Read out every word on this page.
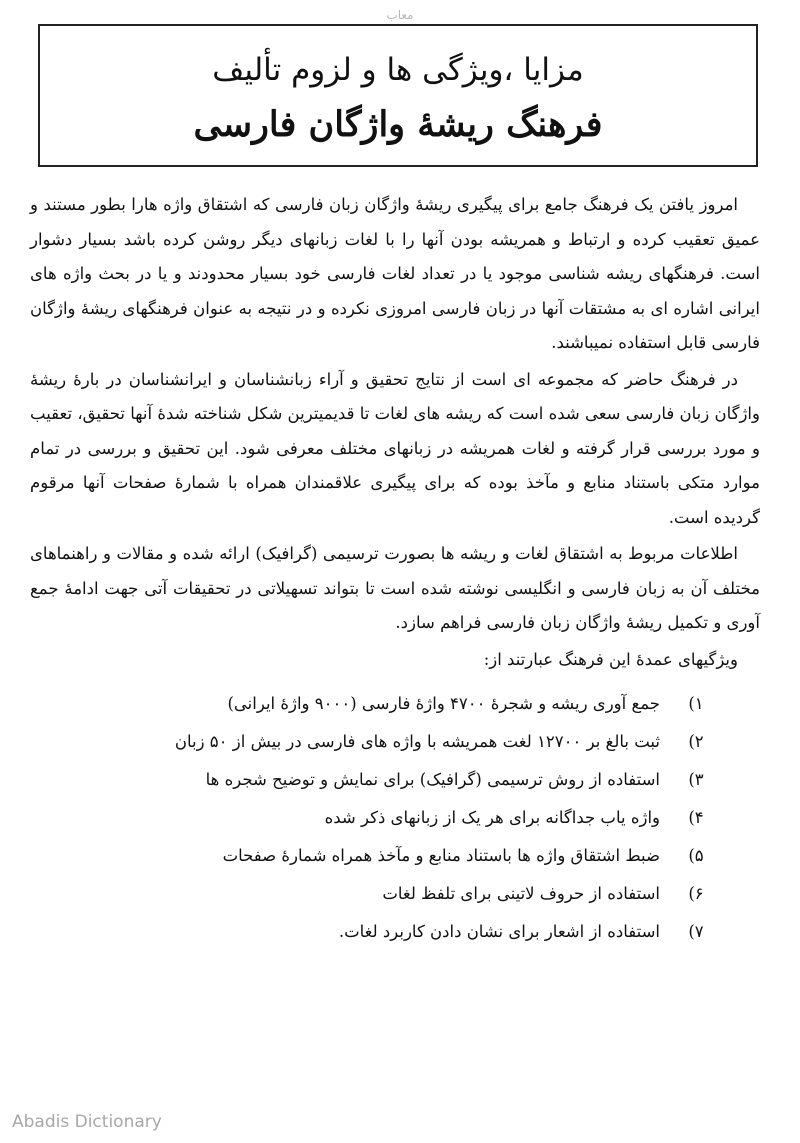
معاب
مزایا ،ویژگی ها و لزوم تألیف
فرهنگ ریشهٔ واژگان فارسی

امروز یافتن یک فرهنگ جامع برای پیگیری ریشهٔ واژگان زبان فارسی که اشتقاق واژه هارا بطور مستند و عمیق تعقیب کرده و ارتباط و همریشه بودن آنها را با لغات زبانهای دیگر روشن کرده باشد بسیار دشوار است. فرهنگهای ریشه شناسی موجود یا در تعداد لغات فارسی خود بسیار محدودند و یا در بحث واژه های ایرانی اشاره ای به مشتقات آنها در زبان فارسی امروزی نکرده و در نتیجه به عنوان فرهنگهای ریشهٔ واژگان فارسی قابل استفاده نمیباشند.

در فرهنگ حاضر که مجموعه ای است از نتایج تحقیق و آراء زبانشناسان و ایرانشناسان در بارهٔ ریشهٔ واژگان زبان فارسی سعی شده است که ریشه های لغات تا قدیمیترین شکل شناخته شدهٔ آنها تحقیق، تعقیب و مورد بررسی قرار گرفته و لغات همریشه در زبانهای مختلف معرفی شود. این تحقیق و بررسی در تمام موارد متکی باستناد منابع و مآخذ بوده که برای پیگیری علاقمندان همراه با شمارهٔ صفحات آنها مرقوم گردیده است.

اطلاعات مربوط به اشتقاق لغات و ریشه ها بصورت ترسیمی (گرافیک) ارائه شده و مقالات و راهنماهای مختلف آن به زبان فارسی و انگلیسی نوشته شده است تا بتواند تسهیلاتی در تحقیقات آتی جهت ادامهٔ جمع آوری و تکمیل ریشهٔ واژگان زبان فارسی فراهم سازد.

ویژگیهای عمدهٔ این فرهنگ عبارتند از:

۱)
جمع آوری ریشه و شجرهٔ ۴۷۰۰ واژهٔ فارسی (۹۰۰۰ واژهٔ ایرانی)
۲)
ثبت بالغ بر ۱۲۷۰۰ لغت همریشه با واژه های فارسی در بیش از ۵۰ زبان
۳)
استفاده از روش ترسیمی (گرافیک) برای نمایش و توضیح شجره ها
۴)
واژه یاب جداگانه برای هر یک از زبانهای ذکر شده
۵)
ضبط اشتقاق واژه ها باستناد منابع و مآخذ همراه شمارهٔ صفحات
۶)
استفاده از حروف لاتینی برای تلفظ لغات
۷)
استفاده از اشعار برای نشان دادن کاربرد لغات.
Abadis Dictionary
